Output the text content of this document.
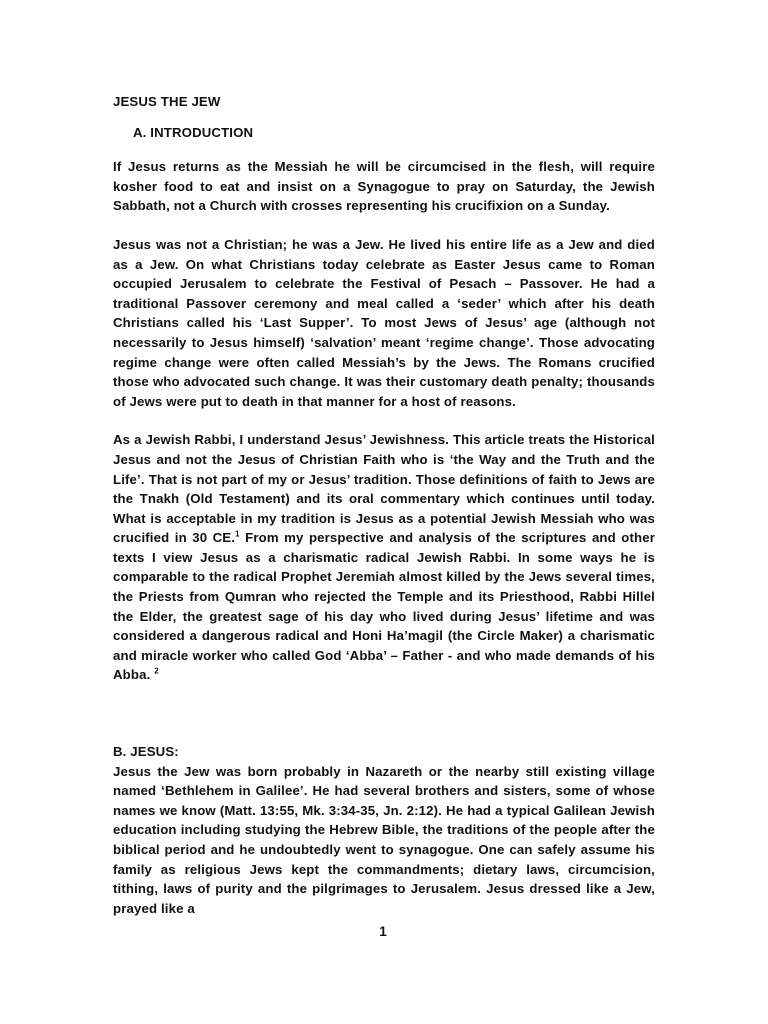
JESUS THE JEW
A. INTRODUCTION

If Jesus returns as the Messiah he will be circumcised in the flesh, will require kosher food to eat and insist on a Synagogue to pray on Saturday, the Jewish Sabbath, not a Church with crosses representing his crucifixion on a Sunday.

Jesus was not a Christian; he was a Jew. He lived his entire life as a Jew and died as a Jew. On what Christians today celebrate as Easter Jesus came to Roman occupied Jerusalem to celebrate the Festival of Pesach – Passover. He had a traditional Passover ceremony and meal called a ‘seder’ which after his death Christians called his ‘Last Supper’. To most Jews of Jesus’ age (although not necessarily to Jesus himself) ‘salvation’ meant ‘regime change’. Those advocating regime change were often called Messiah’s by the Jews. The Romans crucified those who advocated such change. It was their customary death penalty; thousands of Jews were put to death in that manner for a host of reasons.

As a Jewish Rabbi, I understand Jesus’ Jewishness. This article treats the Historical Jesus and not the Jesus of Christian Faith who is ‘the Way and the Truth and the Life’. That is not part of my or Jesus’ tradition. Those definitions of faith to Jews are the Tnakh (Old Testament) and its oral commentary which continues until today. What is acceptable in my tradition is Jesus as a potential Jewish Messiah who was crucified in 30 CE.$^1$ From my perspective and analysis of the scriptures and other texts I view Jesus as a charismatic radical Jewish Rabbi. In some ways he is comparable to the radical Prophet Jeremiah almost killed by the Jews several times, the Priests from Qumran who rejected the Temple and its Priesthood, Rabbi Hillel the Elder, the greatest sage of his day who lived during Jesus’ lifetime and was considered a dangerous radical and Honi Ha’magil (the Circle Maker) a charismatic and miracle worker who called God ‘Abba’ – Father - and who made demands of his Abba. $^2$

B. JESUS:

Jesus the Jew was born probably in Nazareth or the nearby still existing village named ‘Bethlehem in Galilee’. He had several brothers and sisters, some of whose names we know (Matt. 13:55, Mk. 3:34-35, Jn. 2:12). He had a typical Galilean Jewish education including studying the Hebrew Bible, the traditions of the people after the biblical period and he undoubtedly went to synagogue. One can safely assume his family as religious Jews kept the commandments; dietary laws, circumcision, tithing, laws of purity and the pilgrimages to Jerusalem. Jesus dressed like a Jew, prayed like a

1
